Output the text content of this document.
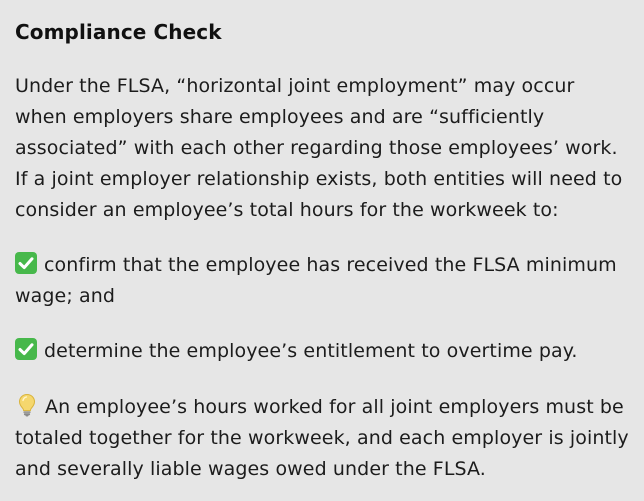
Compliance Check

Under the FLSA, “horizontal joint employment” may occur when employers share employees and are “sufficiently associated” with each other regarding those employees’ work. If a joint employer relationship exists, both entities will need to consider an employee’s total hours for the workweek to:

confirm that the employee has received the FLSA minimum wage; and

determine the employee’s entitlement to overtime pay.

An employee’s hours worked for all joint employers must be totaled together for the workweek, and each employer is jointly and severally liable wages owed under the FLSA.
